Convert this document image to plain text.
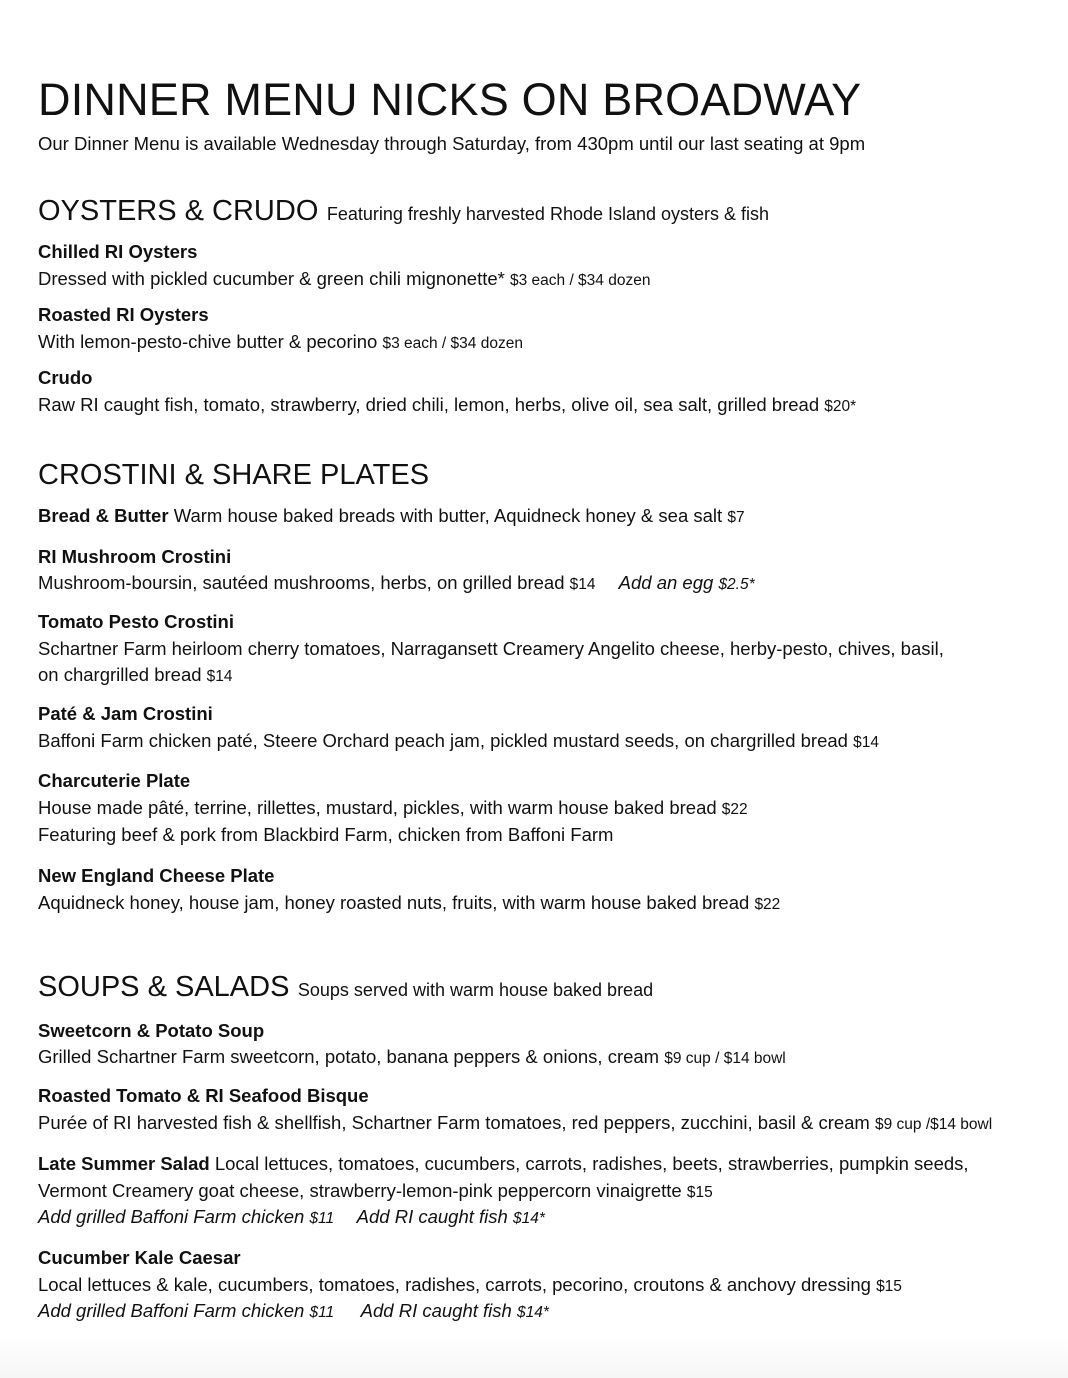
DINNER MENU NICKS ON BROADWAY

Our Dinner Menu is available Wednesday through Saturday, from 430pm until our last seating at 9pm

OYSTERS & CRUDO Featuring freshly harvested Rhode Island oysters & fish
Chilled RI Oysters
Dressed with pickled cucumber & green chili mignonette* $3 each / $34 dozen
Roasted RI Oysters
With lemon-pesto-chive butter & pecorino $3 each / $34 dozen
Crudo
Raw RI caught fish, tomato, strawberry, dried chili, lemon, herbs, olive oil, sea salt, grilled bread $20*
CROSTINI & SHARE PLATES
Bread & Butter Warm house baked breads with butter, Aquidneck honey & sea salt $7
RI Mushroom Crostini
Mushroom-boursin, sautéed mushrooms, herbs, on grilled bread $14 Add an egg $2.5*
Tomato Pesto Crostini
Schartner Farm heirloom cherry tomatoes, Narragansett Creamery Angelito cheese, herby-pesto, chives, basil,
on chargrilled bread $14
Paté & Jam Crostini
Baffoni Farm chicken paté, Steere Orchard peach jam, pickled mustard seeds, on chargrilled bread $14
Charcuterie Plate
House made pâté, terrine, rillettes, mustard, pickles, with warm house baked bread $22
Featuring beef & pork from Blackbird Farm, chicken from Baffoni Farm
New England Cheese Plate
Aquidneck honey, house jam, honey roasted nuts, fruits, with warm house baked bread $22
SOUPS & SALADS Soups served with warm house baked bread
Sweetcorn & Potato Soup
Grilled Schartner Farm sweetcorn, potato, banana peppers & onions, cream $9 cup / $14 bowl
Roasted Tomato & RI Seafood Bisque
Purée of RI harvested fish & shellfish, Schartner Farm tomatoes, red peppers, zucchini, basil & cream $9 cup /$14 bowl
Late Summer Salad Local lettuces, tomatoes, cucumbers, carrots, radishes, beets, strawberries, pumpkin seeds,
Vermont Creamery goat cheese, strawberry-lemon-pink peppercorn vinaigrette $15
Add grilled Baffoni Farm chicken $11 Add RI caught fish $14*
Cucumber Kale Caesar
Local lettuces & kale, cucumbers, tomatoes, radishes, carrots, pecorino, croutons & anchovy dressing $15
Add grilled Baffoni Farm chicken $11 Add RI caught fish $14*
